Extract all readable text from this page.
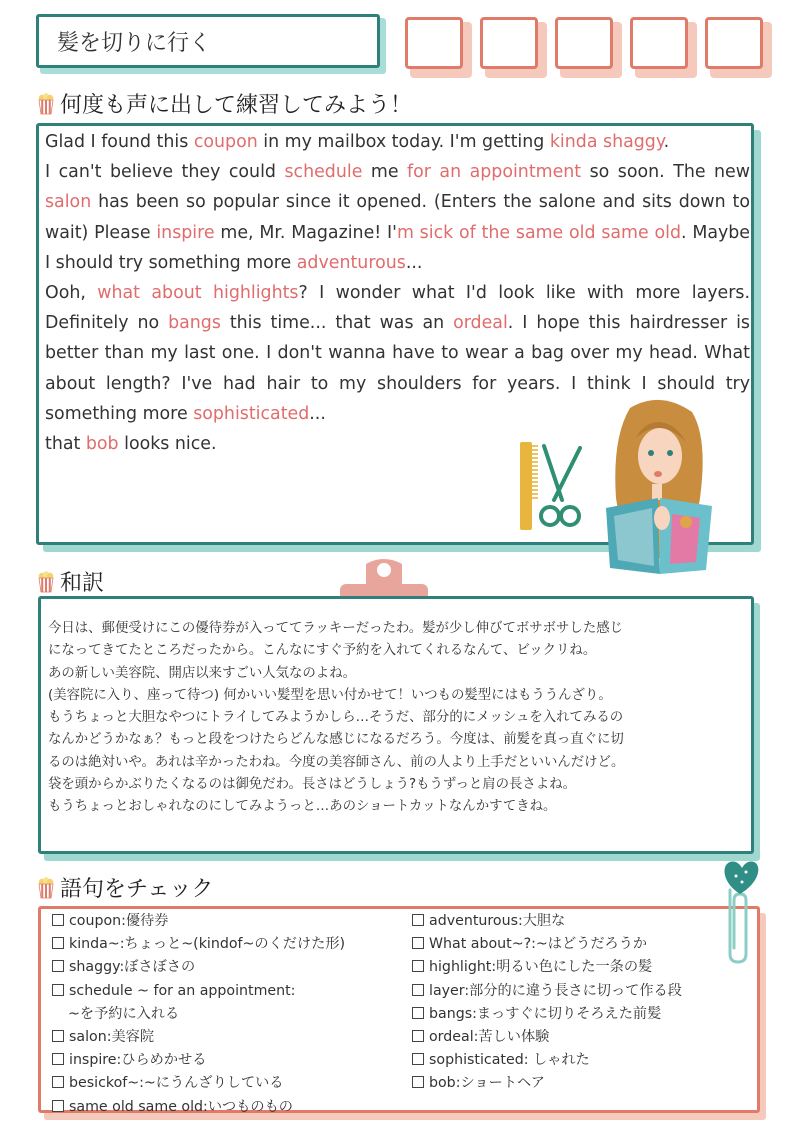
髪を切りに行く
何度も声に出して練習してみよう！
Glad I found this coupon in my mailbox today. I'm getting kinda shaggy.
I can't believe they could schedule me for an appointment so soon. The new salon has been so popular since it opened. (Enters the salone and sits down to wait) Please inspire me, Mr. Magazine! I'm sick of the same old same old. Maybe I should try something more adventurous...
Ooh, what about highlights? I wonder what I'd look like with more layers. Definitely no bangs this time... that was an ordeal. I hope this hairdresser is better than my last one. I don't wanna have to wear a bag over my head. What about length? I've had hair to my shoulders for years. I think I should try something more sophisticated...
that bob looks nice.
和訳
今日は、郵便受けにこの優待券が入っててラッキーだったわ。髪が少し伸びてボサボサした感じ
になってきてたところだったから。こんなにすぐ予約を入れてくれるなんて、ビックリね。
あの新しい美容院、開店以来すごい人気なのよね。
(美容院に入り、座って待つ) 何かいい髪型を思い付かせて！いつもの髪型にはもううんざり。
もうちょっと大胆なやつにトライしてみようかしら…そうだ、部分的にメッシュを入れてみるの
なんかどうかなぁ？もっと段をつけたらどんな感じになるだろう。今度は、前髪を真っ直ぐに切
るのは絶対いや。あれは辛かったわね。今度の美容師さん、前の人より上手だといいんだけど。
袋を頭からかぶりたくなるのは御免だわ。長さはどうしょう?もうずっと肩の長さよね。
もうちょっとおしゃれなのにしてみようっと…あのショートカットなんかすてきね。
語句をチェック
coupon:優待券
kinda~:ちょっと~(kindof~のくだけた形)
shaggy:ぼさぼさの
schedule ~ for an appointment:
~を予約に入れる
salon:美容院
inspire:ひらめかせる
besickof~:~にうんざりしている
same old same old:いつものもの
adventurous:大胆な
What about~?:~はどうだろうか
highlight:明るい色にした一条の髪
layer:部分的に違う長さに切って作る段
bangs:まっすぐに切りそろえた前髪
ordeal:苦しい体験
sophisticated: しゃれた
bob:ショートヘア
